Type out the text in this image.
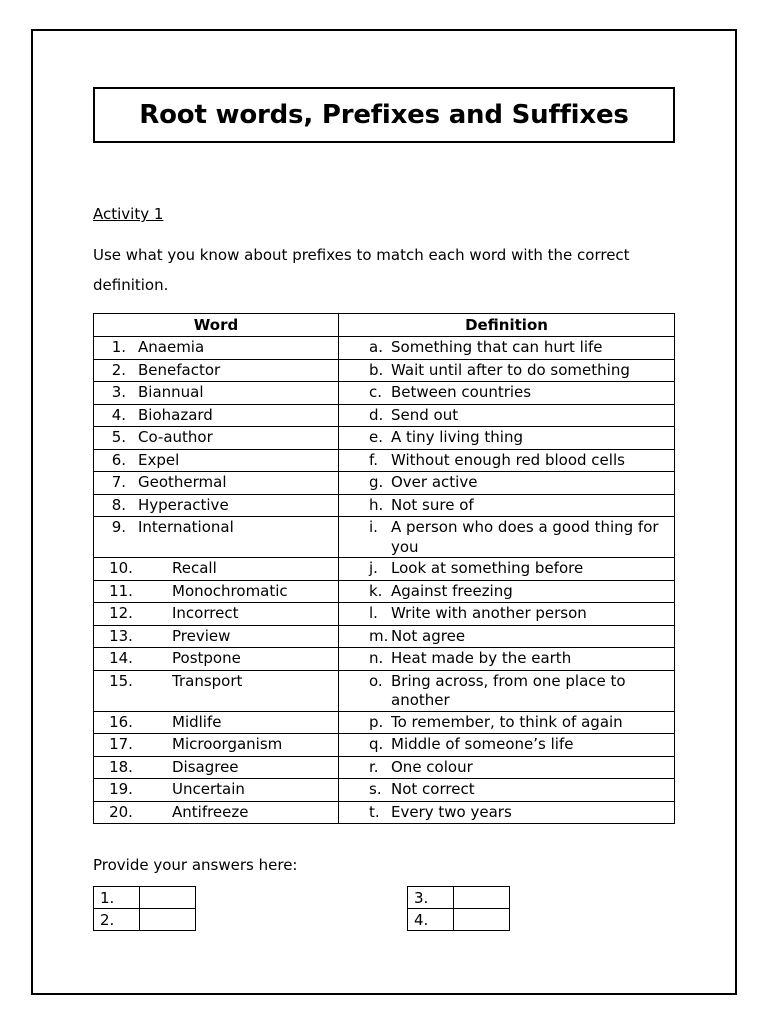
Root words, Prefixes and Suffixes
Activity 1
Use what you know about prefixes to match each word with the correct definition.
Word	Definition
1. Anaemia	a. Something that can hurt life

2. Benefactor	b. Wait until after to do something

3. Biannual	c. Between countries

4. Biohazard	d. Send out

5. Co-author	e. A tiny living thing

6. Expel	f. Without enough red blood cells

7. Geothermal	g. Over active

8. Hyperactive	h. Not sure of

9. International	i. A person who does a good thing for you

10. Recall	j. Look at something before

11. Monochromatic	k. Against freezing

12. Incorrect	l. Write with another person

13. Preview	m. Not agree

14. Postpone	n. Heat made by the earth

15. Transport	o. Bring across, from one place to another

16. Midlife	p. To remember, to think of again

17. Microorganism	q. Middle of someone’s life

18. Disagree	r. One colour

19. Uncertain	s. Not correct

20. Antifreeze	t. Every two years
Provide your answers here:
1.	
2.	
3.	
4.	
